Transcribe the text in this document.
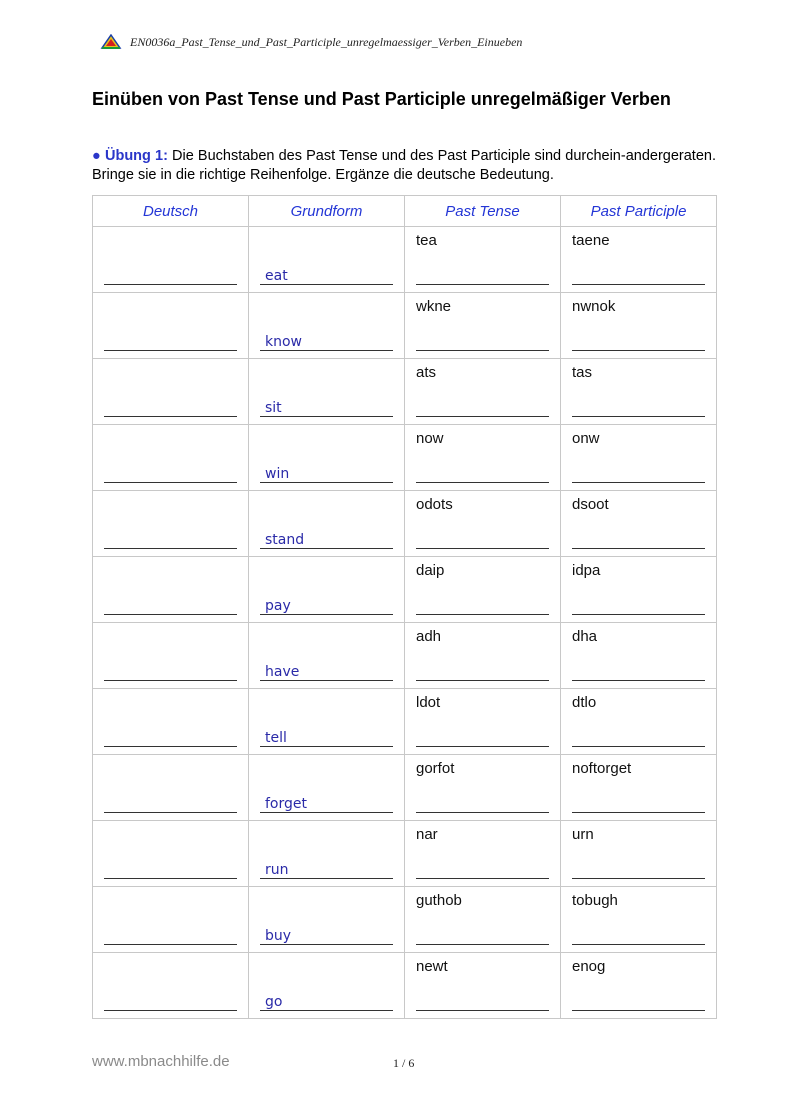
EN0036a_Past_Tense_und_Past_Participle_unregelmaessiger_Verben_Einueben
Einüben von Past Tense und Past Participle unregelmäßiger Verben
● Übung 1: Die Buchstaben des Past Tense und des Past Participle sind durchein-andergeraten. Bringe sie in die richtige Reihenfolge. Ergänze die deutsche Bedeutung.
Deutsch	Grundform	Past Tense	Past Participle

	eat	tea	taene

	know	wkne	nwnok

	sit	ats	tas

	win	now	onw

	stand	odots	dsoot

	pay	daip	idpa

	have	adh	dha

	tell	ldot	dtlo

	forget	gorfot	noftorget

	run	nar	urn

	buy	guthob	tobugh

	go	newt	enog
www.mbnachhilfe.de	1 / 6
